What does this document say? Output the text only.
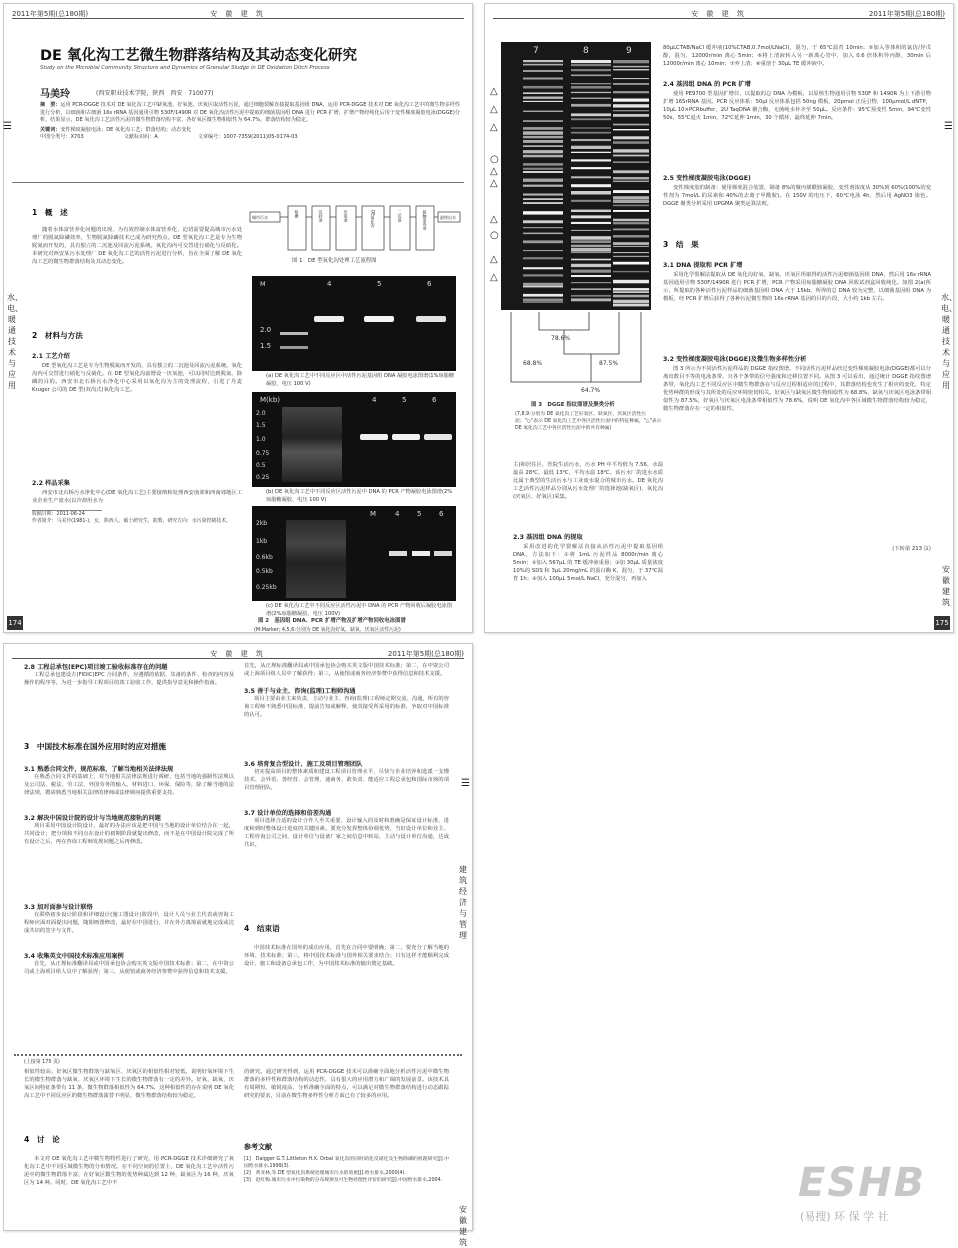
2011年第5期(总180期)	安 徽 建 筑
DE 氧化沟工艺微生物群落结构及其动态变化研究
Study on the Microbial Community Structure and Dynamics of Granular Sludge in DE Oxidation Ditch Process
马美玲	(西安职业技术学院，陕西　西安　710077)
摘　要：运用 PCR-DGGE 技术对 DE 氧化沟工艺中缺氧池、好氧池、厌氧区取活性污泥，通过细胞裂解直接提取基因组 DNA，运用 PCR-DGGE 技术对 DE 氧化沟工艺中的微生物多样性进行分析，以细菌和古细菌 16s rRNA 基因通用引物 530F/1490R 对 DE 氧化沟活性污泥中提取的细菌基因组 DNA 进行 PCR 扩增，扩增产物经纯化后用于变性梯度凝胶电泳(DGGE)分析。结果显示，DE 氧化沟工艺活性污泥的微生物群落结构丰富，各好氧区微生物相似性为 64.7%，群落结构较为稳定。
关键词：变性梯度凝胶电泳；DE 氧化沟工艺；群落结构；动态变化
中图分类号：X703	文献标识码：A	文章编号：1007-7359(2011)05-0174-03
☰
水、电、暖通技术与应用
174
1　概　述
随着水体富营养化问题的出现，为有效控制水体富营养化，迫切需要提高城市污水处理厂的脱氮除磷效率，生物脱氮除磷技术已成为研究热点。DE 型氧化沟工艺是专为生物脱氮而开发的，具有独立的二沉池及回流污泥系统。氧化沟内可交替进行硝化与反硝化。本研究对西安某污水处理厂 DE 氧化沟工艺的活性污泥进行分析，旨在全面了解 DE 氧化沟工艺的微生物群落结构及其动态变化。
2　材料与方法
2.1 工艺介绍
DE 型氧化沟工艺是专为生物脱氮而开发的，具有独立的二沉池及回流污泥系统。氧化沟内可交替进行硝化与反硝化。在 DE 型氧化沟前增设一厌氧池，可以同时达到脱氮、除磷的目的。西安市北石桥污水净化中心采用以氧化沟为主的处理流程，引进了丹麦 Kruger 公司的 DE 型(双沟式)氧化沟工艺。
2.2 样品采集
西安市北石桥污水净化中心(DE 氧化沟工艺)主要接纳和处理西安南郊和西南郊地区工业企业生产废水(以冷却用水为
收稿日期：2011-06-24
作者简介：马美玲(1981-)，女，陕西人，硕士研究生，助教，研究方向：水污染控制技术。
城市污水	格栅	沉砂池	厌氧池	DE氧化沟	二沉池	接触消毒池	最终出水
图 1　DE 型氧化沟处理工艺流程图
M	4	5	6
2.0
1.5
(a) DE 氧化沟工艺中不同反应区中活性污泥基因组 DNA 凝胶电泳图谱(1%琼脂糖凝胶，电压 100 V)
M(kb)	4	5	6
2.0
1.5
1.0
0.75
0.5
0.25
(b) DE 氧化沟工艺中不同反应区活性污泥中 DNA 的 PCR 产物凝胶电泳图谱(2%琼脂糖凝胶，电压 100 V)
M	4	5	6
2kb
1kb
0.6kb
0.5kb
0.25kb
(c) DE 氧化沟工艺中不同反应区活性污泥中 DNA 的 PCR 产物回收后凝胶电泳图谱(2%琼脂糖凝胶，电压 100V)
图 2　基因组 DNA、PCR 扩增产物及扩增产物回收电泳图谱
(M:Marker; 4,5,6:分别为 DE 氧化沟好氧、缺氧、厌氧区活性污泥)
安 徽 建 筑	2011年第5期(总180期)
7	8	9
△
△
△
○
△
△
△
○
△
△
78.6%
68.8%	87.5%
64.7%
图 3　DGGE 指纹图谱及聚类分析
(7,8,9:分别为 DE 氧化沟工艺好氧区、缺氧区、厌氧区活性污泥；"○"表示 DE 氧化沟工艺中各区活性污泥中的特征种属，"△"表示 DE 氧化沟工艺中各区活性污泥中的共有种属)
主)和居住区，医院生活污水，污水 PH 年平均值为 7.56，水温最高 28℃，最低 13℃，平均水温 18℃。该污水厂的进水水质比属于典型的生活污水与工业废水混合的城市污水。DE 氧化沟工艺活性污泥样品分别从污水处理厂的选择池(缺氧区)、氧化沟(厌氧区、好氧区)采集。
2.3 基因组 DNA 的提取
采用改进的化学裂解法直接从活性污泥中提取基因组 DNA，方法如下：①将 1mL 污泥样品 8000r/min 离心 5min；②加入 567μL 的 TE 缓冲液重悬；③加 30μL 质量浓度 10%的 SDS 和 3μL 20mg/mL 的蛋白酶 K，混匀，于 37℃温育 1h；④加入 100μL 5mol/L NaCl，充分混匀，再加入
80μLCTAB/NaCl 缓冲液(10%CTAB,0.7mol/LNaCl)，混匀，于 65℃温育 10min；⑤加入等体积的氯仿/异戊醇，混匀，12000r/min 离心 5min；⑥将上清液转入另一新离心管中，加入 0.6 倍体积异丙醇，30min 后 12000r/min 离心 10min；⑦弃上清；⑧重溶于 30μL TE 缓冲液中。
2.4 基因组 DNA 的 PCR 扩增
使用 PE9700 型基因扩增仪，以提取的总 DNA 为模板，以原核生物通用引物 530F 和 1490R 为上下游引物扩增 16SrRNA 基因。PCR 反应体系：50μl 反应体系包括 50ng 模板，20pmol 正反引物，100μmol/L dNTP，10μL 10×PCRbuffer，2U TaqDNA 聚合酶，无菌纯水补齐至 50μL。反应条件：95℃预变性 5min，94℃变性 50s，55℃退火 1min，72℃延伸 1min，30 个循环，最终延伸 7min。
2.5 变性梯度凝胶电泳(DGGE)
变性梯度胶的制备：使用梯度混合装置，制备 8%的聚丙烯酰胺凝胶，变性剂浓度从 30%到 60%(100%的变性剂为 7mol/L 的尿素和 40%的去离子甲酰胺)。在 150V 的电压下，60℃电泳 4h，然后用 AgNO3 染色。DGGE 聚类分析采用 UPGMA 聚类运算法则。
3　结　果
3.1 DNA 提取和 PCR 扩增
采用化学裂解法提取从 DE 氧化沟好氧、缺氧、厌氧区所取得的活性污泥细菌基因组 DNA，然后用 16s rRNA 基因通用引物 530F/1490R 进行 PCR 扩增，PCR 产物采用琼脂糖凝胶 DNA 回收试剂盒回收纯化。如图 2(a)所示，所提取的各种活性污泥样品的细菌基因组 DNA 大于 15kb，所得的总 DNA 较为完整，以细菌基因组 DNA 为模板，经 PCR 扩增后获得了各种污泥微生物的 16s rRNA 基因的目的片段，大小约 1kb 左右。
3.2 变性梯度凝胶电泳(DGGE)及微生物多样性分析
图 3 所示为不同活性污泥样品的 DGGE 指纹图谱。不同活性污泥样品经过变性梯度凝胶电泳(DGGE)都可以分离出数目不等的电泳条带，且各个条带的信号强度和迁移位置不同。从图 3 可以看出，通过统计 DGGE 指纹图谱条带，氧化沟工艺不同反应区中微生物群落在与反应过程相适应的过程中，其群落结构也发生了相应的变化，特定优势种群的形成与其所处的反应环境密切相关。好氧区与缺氧区微生物相似性为 68.8%，缺氧与厌氧区电泳条带相似性为 87.5%，好氧区与厌氧区电泳条带相似性为 78.6%，说明 DE 氧化沟中各区域微生物群落结构较为稳定，微生物群落存在一定的相似性。
(下转第 213 页)
☰
水、电、暖通技术与应用
安徽建筑
175
安 徽 建 筑	2011年第5期(总180期)
2.8 工程总承包(EPC)项目竣工验收标准存在的问题
工程总承包建设方(FIDIC)EPC 合同条件，应遵循的依据、其备的条件、检查的内容及操作的程序等，为进一步指导工程项目的竣工验收工作，提供指导意见和操作指南。
3　中国技术标准在国外应用时的应对措施
3.1 熟悉合同文件，规范标准，了解当地相关法律法规
在熟悉合同文件的基础上，对当地相关法律法规进行调研，包括当地的强制性法规以及公司法、税法、劳工法、外国劳务的输入、材料进口、环保、保险等，除了解当地的法律法规，聘请熟悉当地相关法律的律师或法律顾问提供重要支持。
3.2 解决中国设计院的设计与当地规范接轨的问题
项目采用中国设计院设计，最好的办法应该是把中国与当地的设计单位结合在一起，共同设计；把分项和不同点在设计的初期阶段就提出修改，而不是在中国设计院完成了所有设计之后，再在咨询工程师发现问题之后再修改。
3.3 加对面参与设计联络
在联络初步设计阶段和详细设计(施工图设计)阶段中，设计人员与业主代表或咨询工程师应面对面提出问题，随即画图修改，最好在中国进行，并在外方离境前就地完成或达成共识的签字与文件。
3.4 收集英文中国技术标准应用案例
首先，从正规标准翻译局或中国承包协会购买英文版中国技术标准；第二，在中资公司或上海项目组人员中了解获得；第三，从使馆或商务经济参赞中获得信息和技术支援。
首先，从正规标准翻译局或中国承包协会购买英文版中国技术标准；第二，在中资公司或上海项目组人员中了解获得；第三，从使馆或商务经济参赞中获得信息和技术支援。
3.5 善于与业主、咨询(监理)工程师沟通
项目主要由业主来负责，主动与业主、咨询(监理)工程师定期交流、沟通，所有的咨询工程师不熟悉中国标准，提前告知或解释，使其接受所采用的标准，争取对中国标准的认可。
3.6 培育复合型设计、施工及项目管理团队
切实提高项目的整体素质和建设工程项目管理水平，尽快与企业培养和选派一支懂技术、会外语、善经营、会管理、通商务、敢负责、能适应工程总承包和国际市场的项目管理团队。
3.7 设计单位的选择和倍差沟通
项目选择合适的设计合作人至关重要，设计输入的及时和准确是保证设计标准、进度和到时整体设计进度的关键因素。要充分发挥整体协调优势，当好设计单位和业主、工程咨询公司之间、设计单位与设备厂家之间信息中转站，主动与设计单位沟通，达成共识。
4　结束语
中国技术标准在国外的成功应用，首先在合同中要明确；第二，要充分了解当地的环境、技术标准；第三，将中国技术标准与国外相关要求结合；只有这样才能顺利完成设计、施工和设备总承包工作，为中国技术标准的输出奠定基础。
☰
建筑经济与管理
(上接第 175 页)
相似性较高；好氧区微生物群落与缺氧区、厌氧区的相似性相对较低，说明好氧环境下生长的微生物群落与缺氧、厌氧区环境下生长的微生物群落有一定的差异。好氧、缺氧、厌氧区间特征条带有 11 条，微生物群落相似性为 64.7%，这种相似性的存在说明 DE 氧化沟工艺中不同反应区的微生物群落演替不明显，微生物群落结构较为稳定。
4　讨　论
本文对 DE 氧化沟工艺中微生物特性进行了研究，用 PCR-DGGE 技术详细研究了氧化沟工艺中不同区域微生物的分布情况。在不同空间的位置上，DE 氧化沟工艺中活性污泥中的微生物群落丰富，在好氧区微生物的优势种属达到 12 种，缺氧区为 16 种，厌氧区为 14 种。同时，DE 氧化沟工艺中不
的研究。通过研究得到，运用 PCR-DGGE 技术可以准确全面地分析活性污泥中微生物群落的多样性和群落结构的动态性，具有很大的应用潜力和广阔的发展前景。该技术具有周期短、敏锐度高、分析准确全面的特点，可以满足对微生物群落结构进行动态跟踪研究的要求，目前在微生物多样性分析方面已有了较多的应用。
参考文献
[1]　Daigger G.T.,Littleton H.X. Orbal 氧化沟的同时硝化反硝化及生物除磷的机理研究[J].中国给水排水,1999(3).
[2]　黄亚林,等.DE 型氧化沟系统处理城市污水的效果[J].给水排水,2000(4).
[3]　赵红梅.城市污水中污染物的分布规律及可生物处理性评价的研究[J].中国给水排水,2004.
安徽建筑
ESHB
(易搜) 环 保 学 社
